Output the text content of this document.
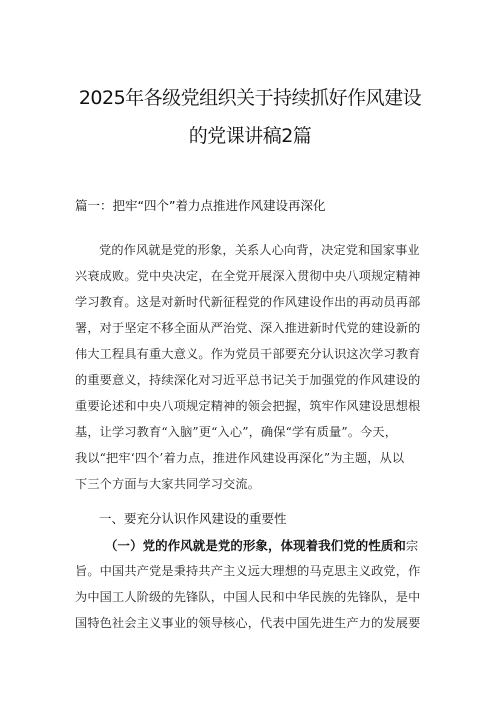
2025年各级党组织关于持续抓好作风建设
的党课讲稿2篇
篇一：把牢“四个”着力点推进作风建设再深化
党的作风就是党的形象，关系人心向背，决定党和国家事业
兴衰成败。党中央决定，在全党开展深入贯彻中央八项规定精神
学习教育。这是对新时代新征程党的作风建设作出的再动员再部
署，对于坚定不移全面从严治党、深入推进新时代党的建设新的
伟大工程具有重大意义。作为党员干部要充分认识这次学习教育
的重要意义，持续深化对习近平总书记关于加强党的作风建设的
重要论述和中央八项规定精神的领会把握，筑牢作风建设思想根
基，让学习教育“入脑”更“入心”，确保“学有质量”。今天，
我以“把牢‘四个’着力点，推进作风建设再深化”为主题，从以
下三个方面与大家共同学习交流。
一、要充分认识作风建设的重要性
（一）党的作风就是党的形象，体现着我们党的性质和宗
旨。中国共产党是秉持共产主义远大理想的马克思主义政党，作
为中国工人阶级的先锋队，中国人民和中华民族的先锋队，是中
国特色社会主义事业的领导核心，代表中国先进生产力的发展要
